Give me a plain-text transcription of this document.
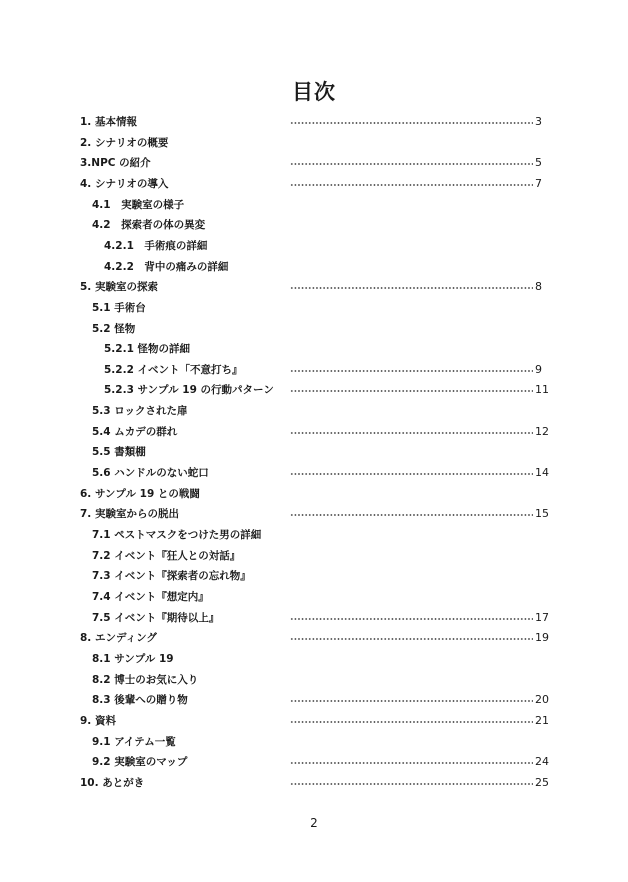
目次
1. 基本情報	3
2. シナリオの概要
3.NPC の紹介	5
4. シナリオの導入	7
4.1　実験室の様子
4.2　探索者の体の異変
4.2.1　手術痕の詳細
4.2.2　背中の痛みの詳細
5. 実験室の探索	8
5.1 手術台
5.2 怪物
5.2.1 怪物の詳細
5.2.2 イベント「不意打ち』	9
5.2.3 サンプル 19 の行動パターン	11
5.3 ロックされた扉
5.4 ムカデの群れ	12
5.5 書類棚
5.6 ハンドルのない蛇口	14
6. サンプル 19 との戦闘
7. 実験室からの脱出	15
7.1 ペストマスクをつけた男の詳細
7.2 イベント『狂人との対話』
7.3 イベント『探索者の忘れ物』
7.4 イベント『想定内』
7.5 イベント『期待以上』	17
8. エンディング	19
8.1 サンプル 19
8.2 博士のお気に入り
8.3 後輩への贈り物	20
9. 資料	21
9.1 アイテム一覧
9.2 実験室のマップ	24
10. あとがき	25
2
